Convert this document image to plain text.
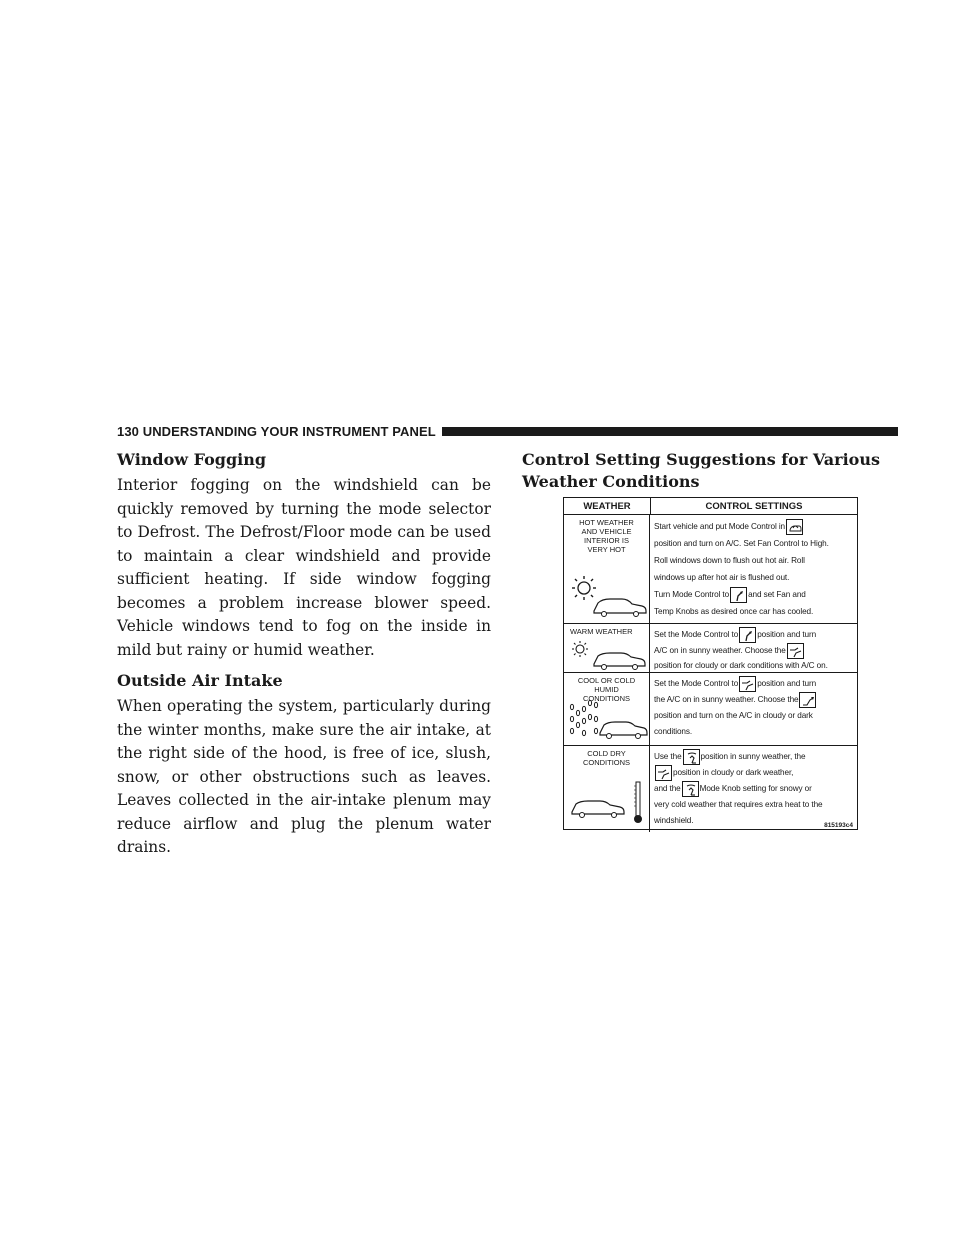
130 UNDERSTANDING YOUR INSTRUMENT PANEL
Window Fogging

Interior fogging on the windshield can be quickly removed by turning the mode selector to Defrost. The Defrost/Floor mode can be used to maintain a clear windshield and provide sufficient heating. If side window fogging becomes a problem increase blower speed. Vehicle windows tend to fog on the inside in mild but rainy or humid weather.

Outside Air Intake

When operating the system, particularly during the winter months, make sure the air intake, at the right side of the hood, is free of ice, slush, snow, or other obstructions such as leaves. Leaves collected in the air-intake plenum may reduce airflow and plug the plenum water drains.

Control Setting Suggestions for Various Weather Conditions
WEATHER	CONTROL SETTINGS
HOT WEATHER AND VEHICLE INTERIOR IS VERY HOT
Start vehicle and put Mode Control in
position and turn on A/C. Set Fan Control to High.
Roll windows down to flush out hot air. Roll
windows up after hot air is flushed out.
Turn Mode Control to and set Fan and
Temp Knobs as desired once car has cooled.
WARM WEATHER	Set the Mode Control to position and turn
A/C on in sunny weather. Choose the
position for cloudy or dark conditions with A/C on.
COOL OR COLD HUMID CONDITIONS
Set the Mode Control to position and turn
the A/C on in sunny weather. Choose the
position and turn on the A/C in cloudy or dark
conditions.
COLD DRY CONDITIONS
Use the position in sunny weather, the
position in cloudy or dark weather,
and the Mode Knob setting for snowy or
very cold weather that requires extra heat to the
windshield.
815193c4
